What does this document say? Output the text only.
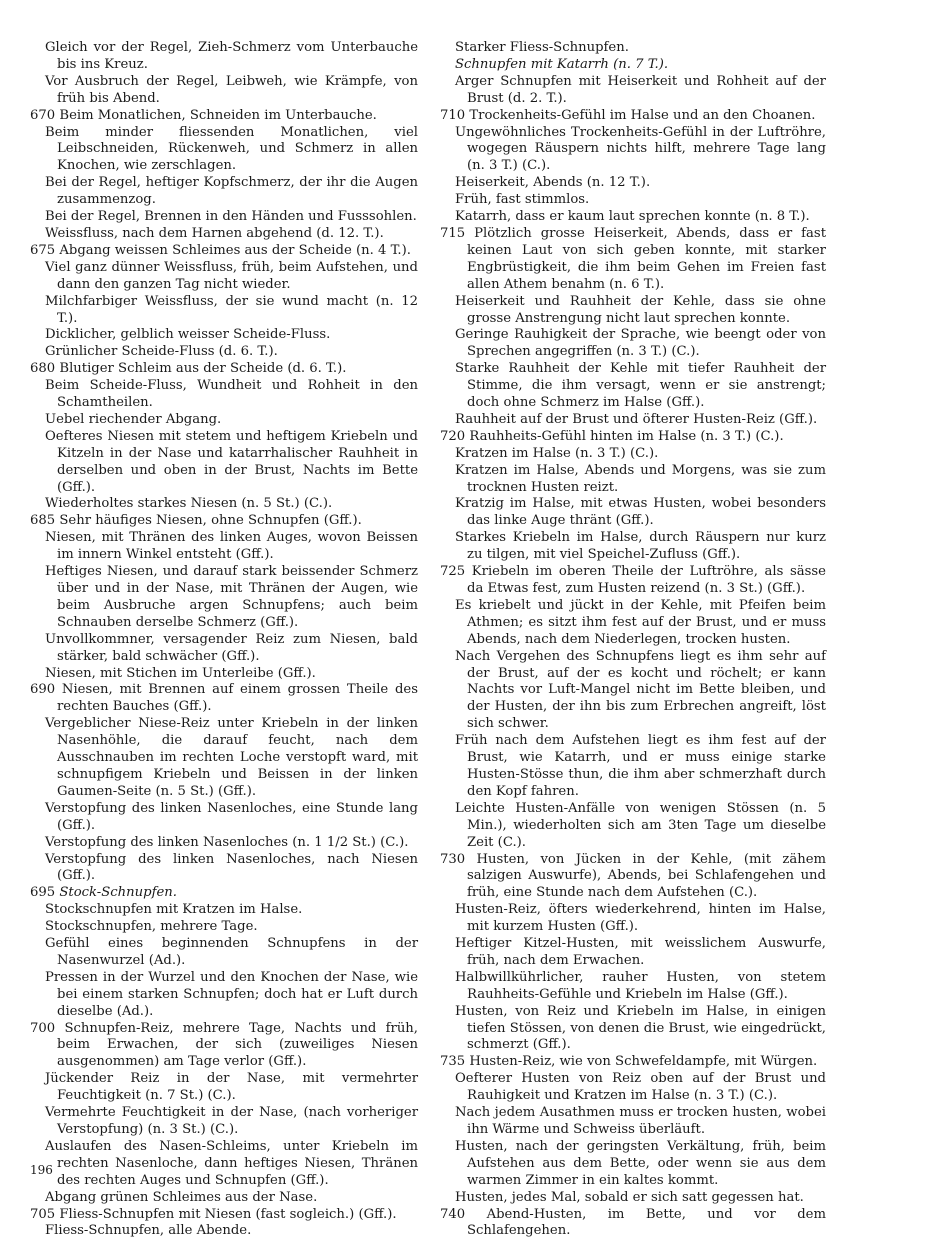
Gleich vor der Regel, Zieh-Schmerz vom Unterbauche bis ins Kreuz.
Vor Ausbruch der Regel, Leibweh, wie Krämpfe, von früh bis Abend.
670 Beim Monatlichen, Schneiden im Unterbauche.
Beim minder fliessenden Monatlichen, viel Leibschneiden, Rückenweh, und Schmerz in allen Knochen, wie zerschlagen.
Bei der Regel, heftiger Kopfschmerz, der ihr die Augen zusammenzog.
Bei der Regel, Brennen in den Händen und Fusssohlen.
Weissfluss, nach dem Harnen abgehend (d. 12. T.).
675 Abgang weissen Schleimes aus der Scheide (n. 4 T.).
Viel ganz dünner Weissfluss, früh, beim Aufstehen, und dann den ganzen Tag nicht wieder.
Milchfarbiger Weissfluss, der sie wund macht (n. 12 T.).
Dicklicher, gelblich weisser Scheide-Fluss.
Grünlicher Scheide-Fluss (d. 6. T.).
680 Blutiger Schleim aus der Scheide (d. 6. T.).
Beim Scheide-Fluss, Wundheit und Rohheit in den Schamtheilen.
Uebel riechender Abgang.
Oefteres Niesen mit stetem und heftigem Kriebeln und Kitzeln in der Nase und katarrhalischer Rauhheit in derselben und oben in der Brust, Nachts im Bette (Gff.).
Wiederholtes starkes Niesen (n. 5 St.) (C.).
685 Sehr häufiges Niesen, ohne Schnupfen (Gff.).
Niesen, mit Thränen des linken Auges, wovon Beissen im innern Winkel entsteht (Gff.).
Heftiges Niesen, und darauf stark beissender Schmerz über und in der Nase, mit Thränen der Augen, wie beim Ausbruche argen Schnupfens; auch beim Schnauben derselbe Schmerz (Gff.).
Unvollkommner, versagender Reiz zum Niesen, bald stärker, bald schwächer (Gff.).
Niesen, mit Stichen im Unterleibe (Gff.).
690 Niesen, mit Brennen auf einem grossen Theile des rechten Bauches (Gff.).
Vergeblicher Niese-Reiz unter Kriebeln in der linken Nasenhöhle, die darauf feucht, nach dem Ausschnauben im rechten Loche verstopft ward, mit schnupfigem Kriebeln und Beissen in der linken Gaumen-Seite (n. 5 St.) (Gff.).
Verstopfung des linken Nasenloches, eine Stunde lang (Gff.).
Verstopfung des linken Nasenloches (n. 1 1/2 St.) (C.).
Verstopfung des linken Nasenloches, nach Niesen (Gff.).
695 Stock-Schnupfen.
Stockschnupfen mit Kratzen im Halse.
Stockschnupfen, mehrere Tage.
Gefühl eines beginnenden Schnupfens in der Nasenwurzel (Ad.).
Pressen in der Wurzel und den Knochen der Nase, wie bei einem starken Schnupfen; doch hat er Luft durch dieselbe (Ad.).
700 Schnupfen-Reiz, mehrere Tage, Nachts und früh, beim Erwachen, der sich (zuweiliges Niesen ausgenommen) am Tage verlor (Gff.).
Jückender Reiz in der Nase, mit vermehrter Feuchtigkeit (n. 7 St.) (C.).
Vermehrte Feuchtigkeit in der Nase, (nach vorheriger Verstopfung) (n. 3 St.) (C.).
Auslaufen des Nasen-Schleims, unter Kriebeln im rechten Nasenloche, dann heftiges Niesen, Thränen des rechten Auges und Schnupfen (Gff.).
Abgang grünen Schleimes aus der Nase.
705 Fliess-Schnupfen mit Niesen (fast sogleich.) (Gff.).
Fliess-Schnupfen, alle Abende.
Starker Fliess-Schnupfen.
Schnupfen mit Katarrh (n. 7 T.).
Arger Schnupfen mit Heiserkeit und Rohheit auf der Brust (d. 2. T.).
710 Trockenheits-Gefühl im Halse und an den Choanen.
Ungewöhnliches Trockenheits-Gefühl in der Luftröhre, wogegen Räuspern nichts hilft, mehrere Tage lang (n. 3 T.) (C.).
Heiserkeit, Abends (n. 12 T.).
Früh, fast stimmlos.
Katarrh, dass er kaum laut sprechen konnte (n. 8 T.).
715 Plötzlich grosse Heiserkeit, Abends, dass er fast keinen Laut von sich geben konnte, mit starker Engbrüstigkeit, die ihm beim Gehen im Freien fast allen Athem benahm (n. 6 T.).
Heiserkeit und Rauhheit der Kehle, dass sie ohne grosse Anstrengung nicht laut sprechen konnte.
Geringe Rauhigkeit der Sprache, wie beengt oder von Sprechen angegriffen (n. 3 T.) (C.).
Starke Rauhheit der Kehle mit tiefer Rauhheit der Stimme, die ihm versagt, wenn er sie anstrengt; doch ohne Schmerz im Halse (Gff.).
Rauhheit auf der Brust und öfterer Husten-Reiz (Gff.).
720 Rauhheits-Gefühl hinten im Halse (n. 3 T.) (C.).
Kratzen im Halse (n. 3 T.) (C.).
Kratzen im Halse, Abends und Morgens, was sie zum trocknen Husten reizt.
Kratzig im Halse, mit etwas Husten, wobei besonders das linke Auge thränt (Gff.).
Starkes Kriebeln im Halse, durch Räuspern nur kurz zu tilgen, mit viel Speichel-Zufluss (Gff.).
725 Kriebeln im oberen Theile der Luftröhre, als sässe da Etwas fest, zum Husten reizend (n. 3 St.) (Gff.).
Es kriebelt und jückt in der Kehle, mit Pfeifen beim Athmen; es sitzt ihm fest auf der Brust, und er muss Abends, nach dem Niederlegen, trocken husten.
Nach Vergehen des Schnupfens liegt es ihm sehr auf der Brust, auf der es kocht und röchelt; er kann Nachts vor Luft-Mangel nicht im Bette bleiben, und der Husten, der ihn bis zum Erbrechen angreift, löst sich schwer.
Früh nach dem Aufstehen liegt es ihm fest auf der Brust, wie Katarrh, und er muss einige starke Husten-Stösse thun, die ihm aber schmerzhaft durch den Kopf fahren.
Leichte Husten-Anfälle von wenigen Stössen (n. 5 Min.), wiederholten sich am 3ten Tage um dieselbe Zeit (C.).
730 Husten, von Jücken in der Kehle, (mit zähem salzigen Auswurfe), Abends, bei Schlafengehen und früh, eine Stunde nach dem Aufstehen (C.).
Husten-Reiz, öfters wiederkehrend, hinten im Halse, mit kurzem Husten (Gff.).
Heftiger Kitzel-Husten, mit weisslichem Auswurfe, früh, nach dem Erwachen.
Halbwillkührlicher, rauher Husten, von stetem Rauhheits-Gefühle und Kriebeln im Halse (Gff.).
Husten, von Reiz und Kriebeln im Halse, in einigen tiefen Stössen, von denen die Brust, wie eingedrückt, schmerzt (Gff.).
735 Husten-Reiz, wie von Schwefeldampfe, mit Würgen.
Oefterer Husten von Reiz oben auf der Brust und Rauhigkeit und Kratzen im Halse (n. 3 T.) (C.).
Nach jedem Ausathmen muss er trocken husten, wobei ihn Wärme und Schweiss überläuft.
Husten, nach der geringsten Verkältung, früh, beim Aufstehen aus dem Bette, oder wenn sie aus dem warmen Zimmer in ein kaltes kommt.
Husten, jedes Mal, sobald er sich satt gegessen hat.
740 Abend-Husten, im Bette, und vor dem Schlafengehen.
196
